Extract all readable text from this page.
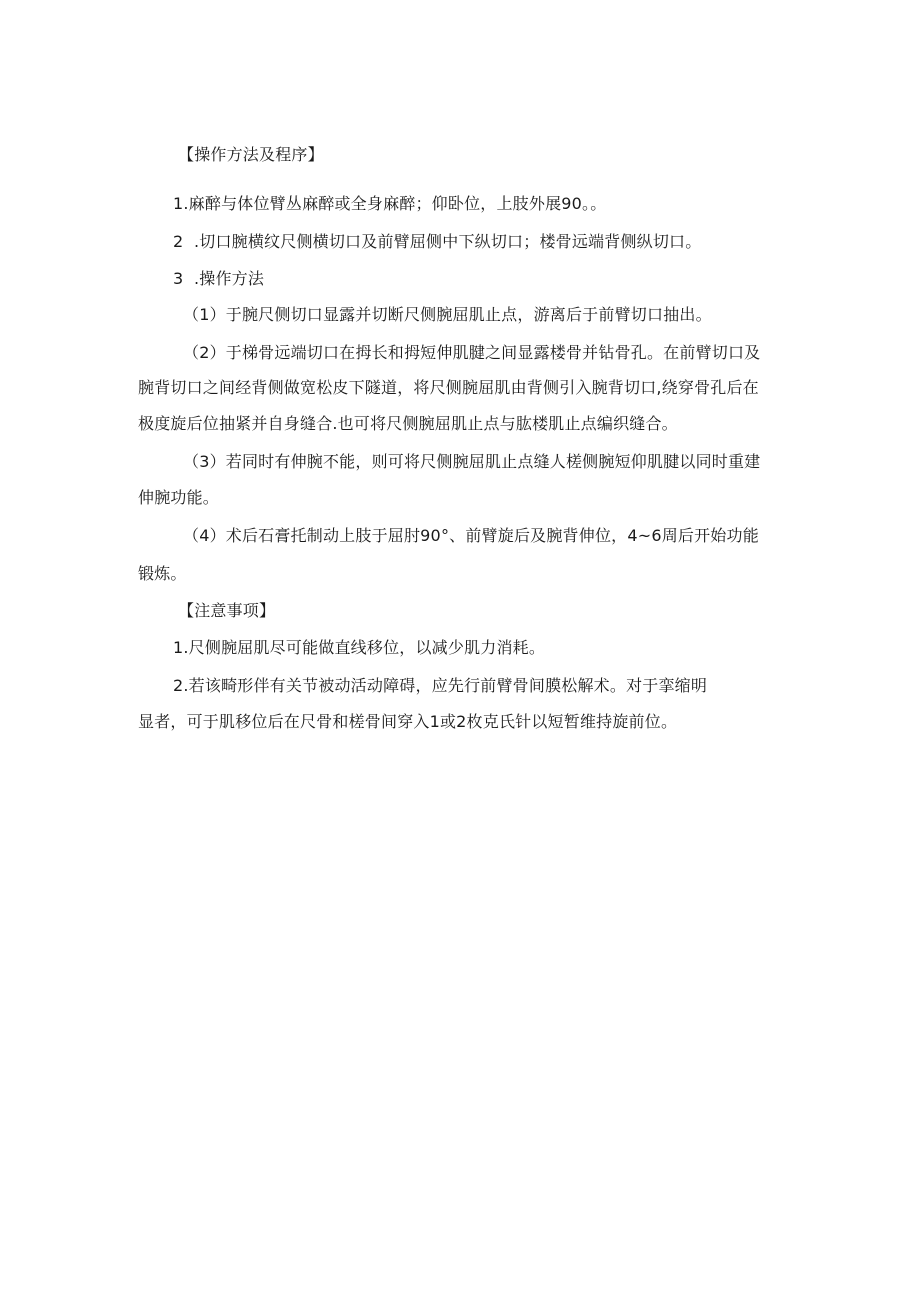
【操作方法及程序】
1.麻醉与体位臂丛麻醉或全身麻醉；仰卧位，上肢外展90。。
2  .切口腕横纹尺侧横切口及前臂屈侧中下纵切口；楼骨远端背侧纵切口。
3  .操作方法
（1）于腕尺侧切口显露并切断尺侧腕屈肌止点，游离后于前臂切口抽出。
（2）于梯骨远端切口在拇长和拇短伸肌腱之间显露楼骨并钻骨孔。在前臂切口及
腕背切口之间经背侧做宽松皮下隧道，将尺侧腕屈肌由背侧引入腕背切口,绕穿骨孔后在
极度旋后位抽紧并自身缝合.也可将尺侧腕屈肌止点与肱楼肌止点编织缝合。
（3）若同时有伸腕不能，则可将尺侧腕屈肌止点缝人槎侧腕短仰肌腱以同时重建
伸腕功能。
（4）术后石膏托制动上肢于屈肘90°、前臂旋后及腕背伸位，4~6周后开始功能
锻炼。
【注意事项】
1.尺侧腕屈肌尽可能做直线移位，以减少肌力消耗。
2.若该畸形伴有关节被动活动障碍，应先行前臂骨间膜松解术。对于挛缩明
显者，可于肌移位后在尺骨和槎骨间穿入1或2枚克氏针以短暂维持旋前位。
